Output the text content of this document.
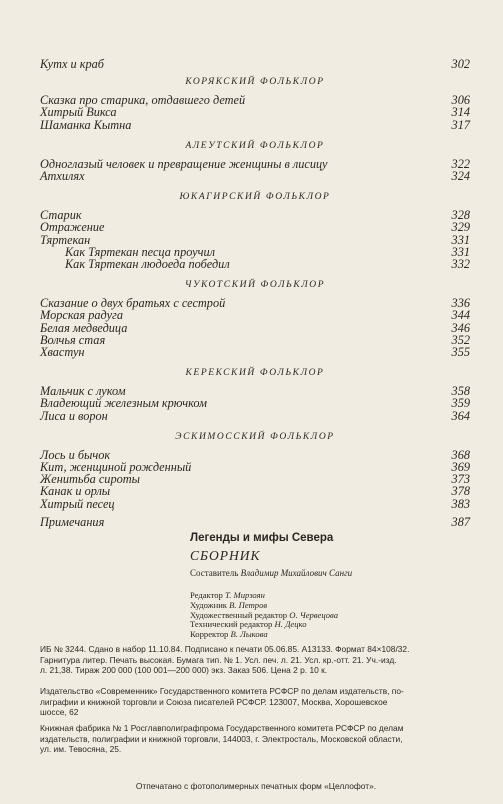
Кутх и краб	302
КОРЯКСКИЙ ФОЛЬКЛОР
Сказка про старика, отдавшего детей	306
Хитрый Викса	314
Шаманка Кытна	317
АЛЕУТСКИЙ ФОЛЬКЛОР
Одноглазый человек и превращение женщины в лисицу	322
Атхилях	324
ЮКАГИРСКИЙ ФОЛЬКЛОР
Старик	328
Отражение	329
Тяртекан	331
Как Тяртекан песца проучил	331
Как Тяртекан людоеда победил	332
ЧУКОТСКИЙ ФОЛЬКЛОР
Сказание о двух братьях с сестрой	336
Морская радуга	344
Белая медведица	346
Волчья стая	352
Хвастун	355
КЕРЕКСКИЙ ФОЛЬКЛОР
Мальчик с луком	358
Владеющий железным крючком	359
Лиса и ворон	364
ЭСКИМОССКИЙ ФОЛЬКЛОР
Лось и бычок	368
Кит, женщиной рожденный	369
Женитьба сироты	373
Канак и орлы	378
Хитрый песец	383
Примечания	387
Легенды и мифы Севера
СБОРНИК
Составитель Владимир Михайлович Санги
Редактор Т. Мирзоян
Художник В. Петров
Художественный редактор О. Червецова
Технический редактор Н. Децко
Корректор В. Лыкова
ИБ № 3244. Сдано в набор 11.10.84. Подписано к печати 05.06.85. А13133. Формат 84×108/32.
Гарнитура литер. Печать высокая. Бумага тип. № 1. Усл. печ. л. 21. Усл. кр.-отт. 21. Уч.-изд.
л. 21,38. Тираж 200 000 (100 001—200 000) экз. Заказ 506. Цена 2 р. 10 к.
Издательство «Современник» Государственного комитета РСФСР по делам издательств, по-
лиграфии и книжной торговли и Союза писателей РСФСР. 123007, Москва, Хорошевское
шоссе, 62
Книжная фабрика № 1 Росглавполиграфпрома Государственного комитета РСФСР по делам
издательств, полиграфии и книжной торговли, 144003, г. Электросталь, Московской области,
ул. им. Тевосяна, 25.
Отпечатано с фотополимерных печатных форм «Целлофот».
